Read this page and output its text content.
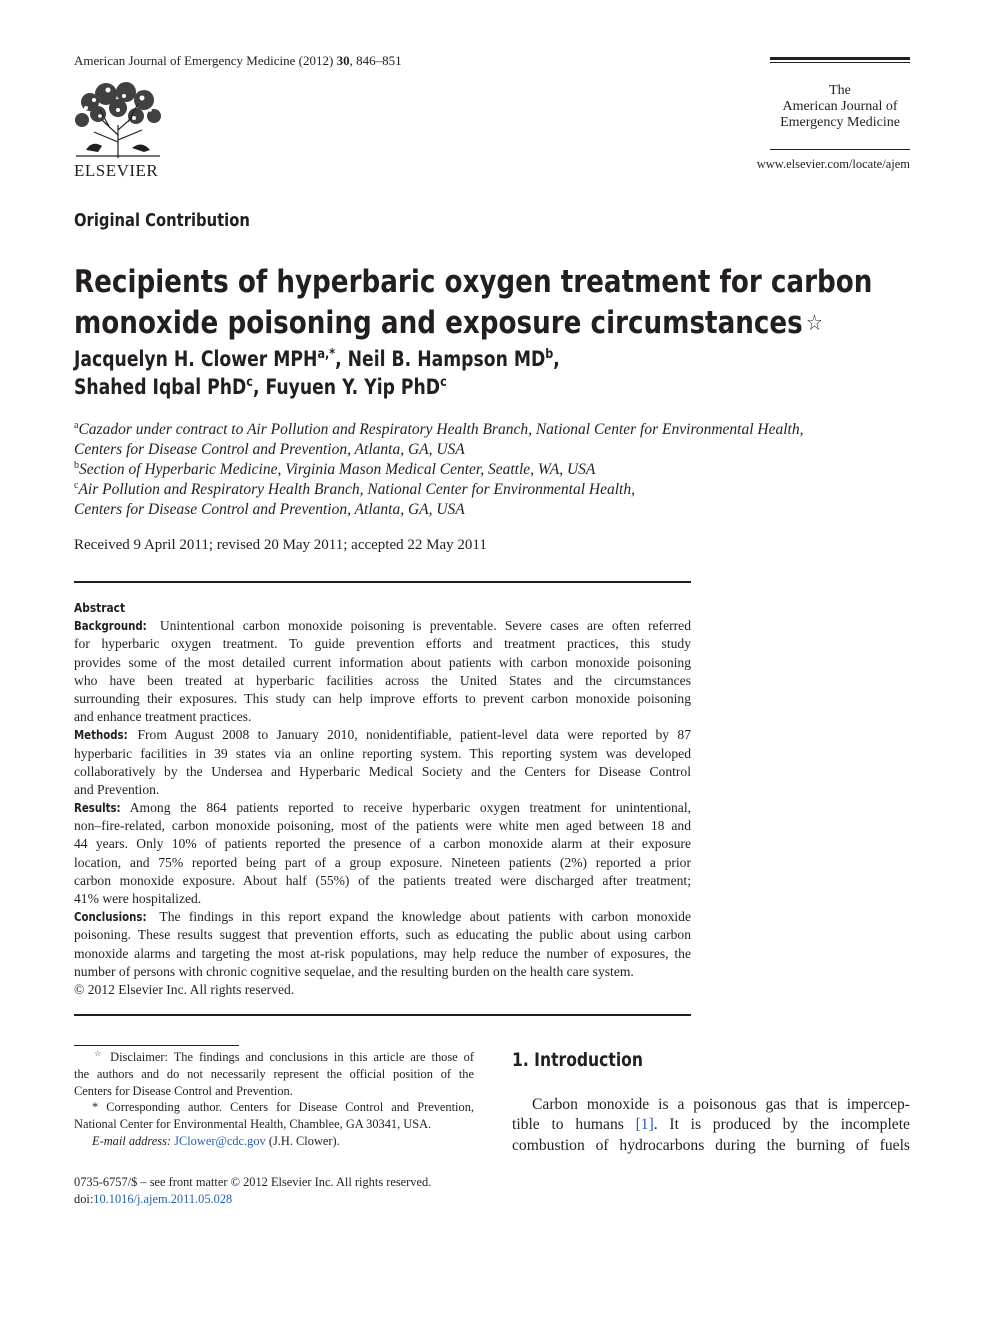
American Journal of Emergency Medicine (2012) 30, 846–851
ELSEVIER
The
American Journal of
Emergency Medicine
www.elsevier.com/locate/ajem
Original Contribution
Recipients of hyperbaric oxygen treatment for carbon
monoxide poisoning and exposure circumstances ☆
Jacquelyn H. Clower $MPH^{a,*}$, Neil B. Hampson $MD^b$,
Shahed Iqbal PhD$^c$, Fuyuen Y. Yip PhD$^c$
$^a$Cazador under contract to Air Pollution and Respiratory Health Branch, National Center for Environmental Health,
Centers for Disease Control and Prevention, Atlanta, GA, USA
$^b$Section of Hyperbaric Medicine, Virginia Mason Medical Center, Seattle, WA, USA
$^c$Air Pollution and Respiratory Health Branch, National Center for Environmental Health,
Centers for Disease Control and Prevention, Atlanta, GA, USA
Received 9 April 2011; revised 20 May 2011; accepted 22 May 2011
Abstract
Background: Unintentional carbon monoxide poisoning is preventable. Severe cases are often referred
for hyperbaric oxygen treatment. To guide prevention efforts and treatment practices, this study
provides some of the most detailed current information about patients with carbon monoxide poisoning
who have been treated at hyperbaric facilities across the United States and the circumstances
surrounding their exposures. This study can help improve efforts to prevent carbon monoxide poisoning
and enhance treatment practices.
Methods: From August 2008 to January 2010, nonidentifiable, patient-level data were reported by 87
hyperbaric facilities in 39 states via an online reporting system. This reporting system was developed
collaboratively by the Undersea and Hyperbaric Medical Society and the Centers for Disease Control
and Prevention.
Results: Among the 864 patients reported to receive hyperbaric oxygen treatment for unintentional,
non–fire-related, carbon monoxide poisoning, most of the patients were white men aged between 18 and
44 years. Only 10% of patients reported the presence of a carbon monoxide alarm at their exposure
location, and 75% reported being part of a group exposure. Nineteen patients (2%) reported a prior
carbon monoxide exposure. About half (55%) of the patients treated were discharged after treatment;
41% were hospitalized.
Conclusions: The findings in this report expand the knowledge about patients with carbon monoxide
poisoning. These results suggest that prevention efforts, such as educating the public about using carbon
monoxide alarms and targeting the most at-risk populations, may help reduce the number of exposures, the
number of persons with chronic cognitive sequelae, and the resulting burden on the health care system.
© 2012 Elsevier Inc. All rights reserved.
☆ Disclaimer: The findings and conclusions in this article are those of
the authors and do not necessarily represent the official position of the
Centers for Disease Control and Prevention.
* Corresponding author. Centers for Disease Control and Prevention,
National Center for Environmental Health, Chamblee, GA 30341, USA.
E-mail address: JClower@cdc.gov (J.H. Clower).
0735-6757/$ – see front matter © 2012 Elsevier Inc. All rights reserved.
doi:10.1016/j.ajem.2011.05.028
1. Introduction
Carbon monoxide is a poisonous gas that is impercep-
tible to humans [1]. It is produced by the incomplete
combustion of hydrocarbons during the burning of fuels
